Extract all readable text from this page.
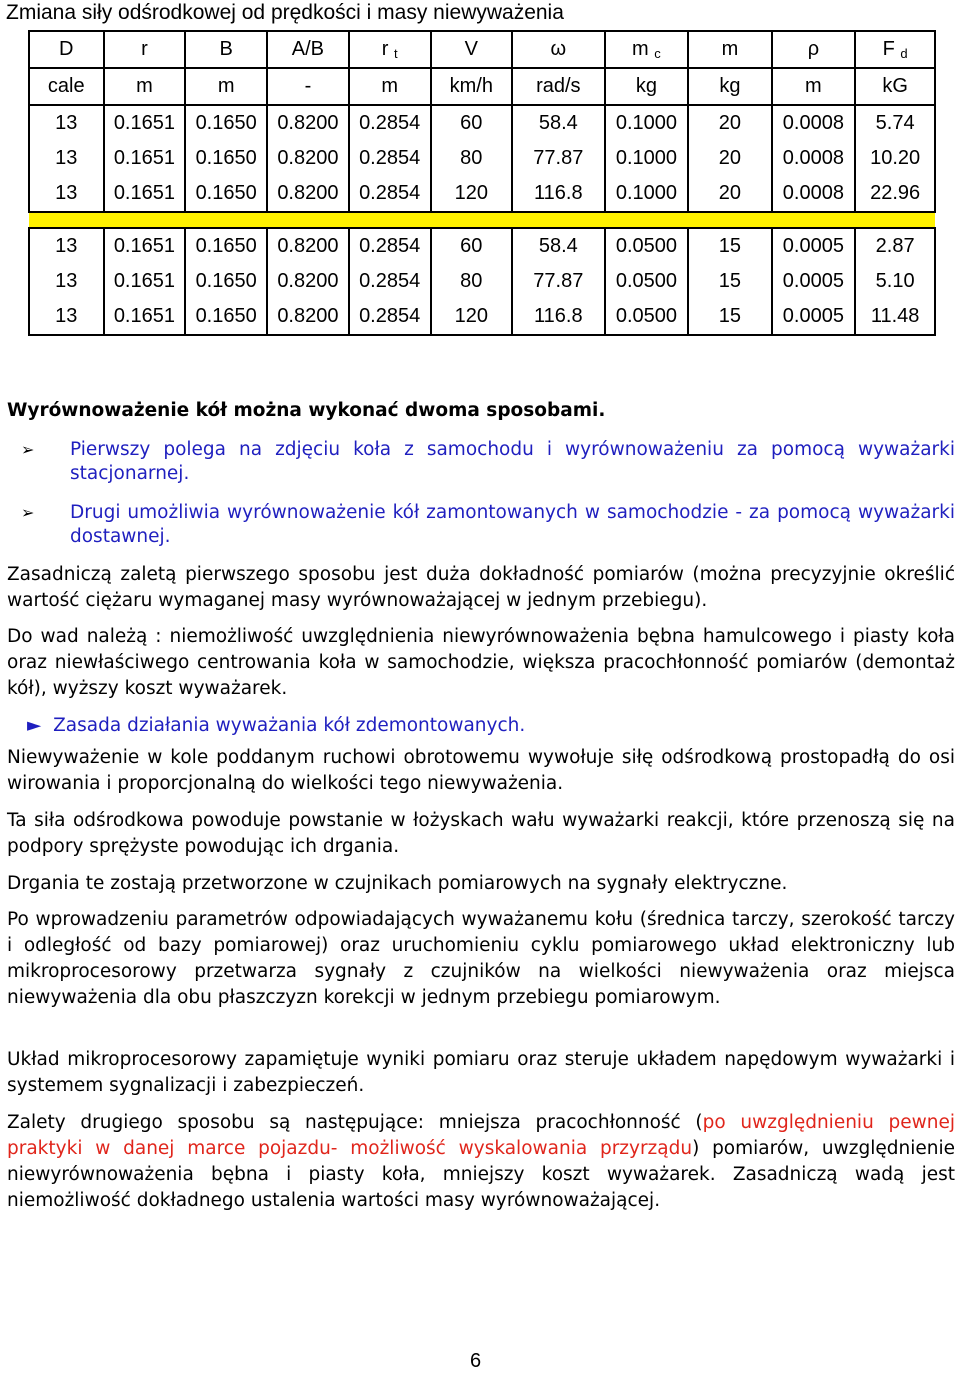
Zmiana siły odśrodkowej od prędkości i masy niewyważenia
D	r	B	A/B	r $_t$	V	ω	m $_c$	m	ρ	F $_d$
cale	m	m	-	m	km/h	rad/s	kg	kg	m	kG
13	0.1651	0.1650	0.8200	0.2854	60	58.4	0.1000	20	0.0008	5.74
13	0.1651	0.1650	0.8200	0.2854	80	77.87	0.1000	20	0.0008	10.20
13	0.1651	0.1650	0.8200	0.2854	120	116.8	0.1000	20	0.0008	22.96

13	0.1651	0.1650	0.8200	0.2854	60	58.4	0.0500	15	0.0005	2.87
13	0.1651	0.1650	0.8200	0.2854	80	77.87	0.0500	15	0.0005	5.10
13	0.1651	0.1650	0.8200	0.2854	120	116.8	0.0500	15	0.0005	11.48
Wyrównoważenie kół można wykonać dwoma sposobami.
➢ Pierwszy polega na zdjęciu koła z samochodu i wyrównoważeniu za pomocą wyważarki stacjonarnej.
➢ Drugi umożliwia wyrównoważenie kół zamontowanych w samochodzie - za pomocą wyważarki dostawnej.
Zasadniczą zaletą pierwszego sposobu jest duża dokładność pomiarów (można precyzyjnie określić wartość ciężaru wymaganej masy wyrównoważającej w jednym przebiegu).
Do wad należą : niemożliwość uwzględnienia niewyrównoważenia bębna hamulcowego i piasty koła oraz niewłaściwego centrowania koła w samochodzie, większa pracochłonność pomiarów (demontaż kół), wyższy koszt wyważarek.
► Zasada działania wyważania kół zdemontowanych.
Niewyważenie w kole poddanym ruchowi obrotowemu wywołuje siłę odśrodkową prostopadłą do osi wirowania i proporcjonalną do wielkości tego niewyważenia.
Ta siła odśrodkowa powoduje powstanie w łożyskach wału wyważarki reakcji, które przenoszą się na podpory sprężyste powodując ich drgania.
Drgania te zostają przetworzone w czujnikach pomiarowych na sygnały elektryczne.
Po wprowadzeniu parametrów odpowiadających wyważanemu kołu (średnica tarczy, szerokość tarczy i odległość od bazy pomiarowej) oraz uruchomieniu cyklu pomiarowego układ elektroniczny lub mikroprocesorowy przetwarza sygnały z czujników na wielkości niewyważenia oraz miejsca niewyważenia dla obu płaszczyzn korekcji w jednym przebiegu pomiarowym.
Układ mikroprocesorowy zapamiętuje wyniki pomiaru oraz steruje układem napędowym wyważarki i systemem sygnalizacji i zabezpieczeń.
Zalety drugiego sposobu są następujące: mniejsza pracochłonność (po uwzględnieniu pewnej praktyki w danej marce pojazdu- możliwość wyskalowania przyrządu) pomiarów, uwzględnienie niewyrównoważenia bębna i piasty koła, mniejszy koszt wyważarek. Zasadniczą wadą jest niemożliwość dokładnego ustalenia wartości masy wyrównoważającej.
6
